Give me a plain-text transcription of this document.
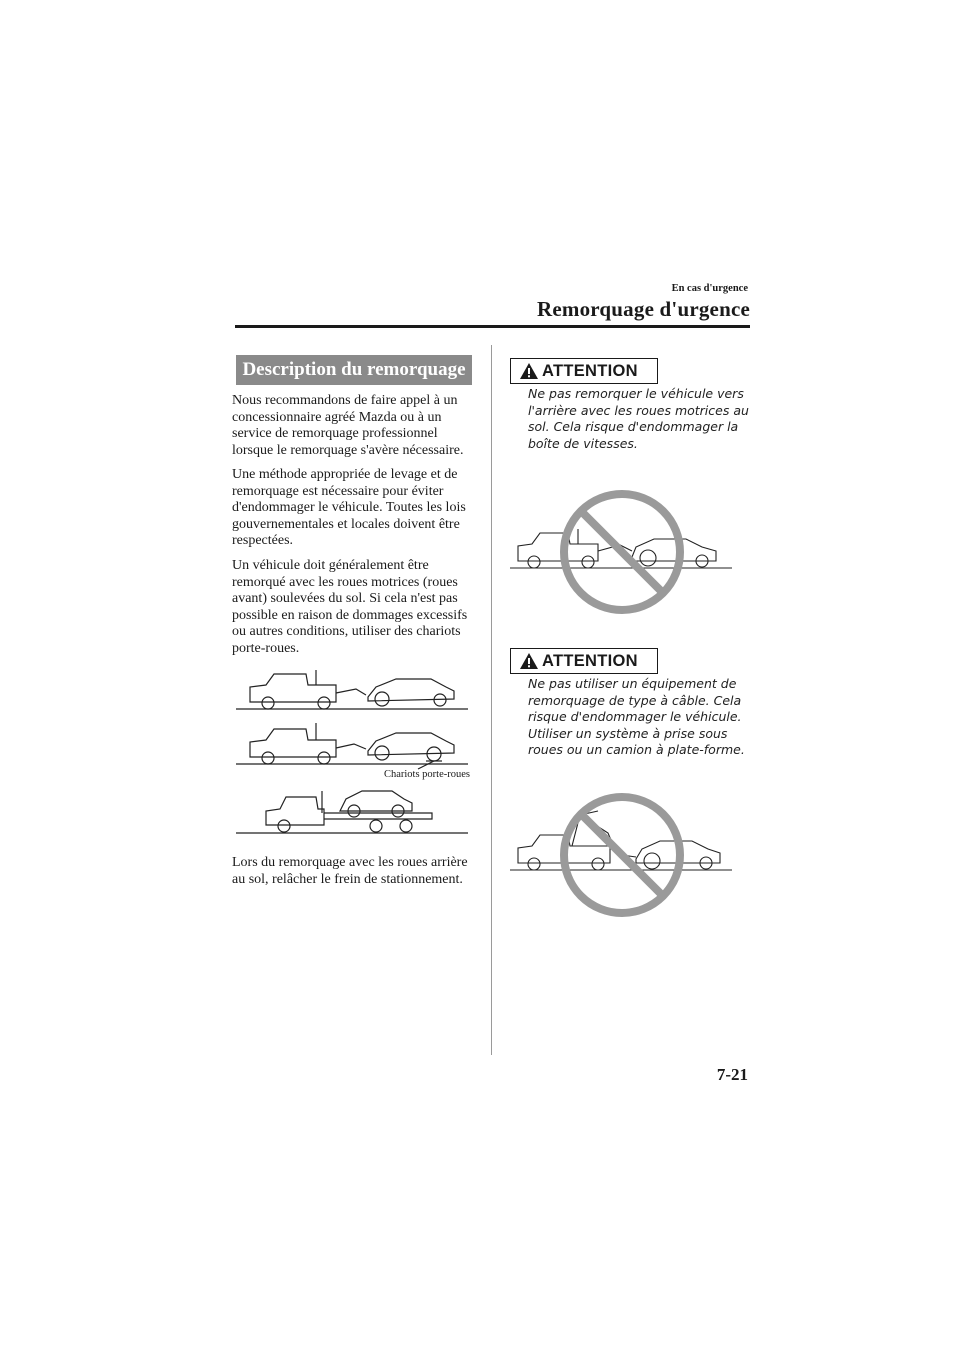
En cas d'urgence
Remorquage d'urgence
Description du remorquage
Nous recommandons de faire appel à un concessionnaire agréé Mazda ou à un service de remorquage professionnel lorsque le remorquage s'avère nécessaire.
Une méthode appropriée de levage et de remorquage est nécessaire pour éviter d'endommager le véhicule. Toutes les lois gouvernementales et locales doivent être respectées.
Un véhicule doit généralement être remorqué avec les roues motrices (roues avant) soulevées du sol. Si cela n'est pas possible en raison de dommages excessifs ou autres conditions, utiliser des chariots porte-roues.
Chariots porte-roues
Lors du remorquage avec les roues arrière au sol, relâcher le frein de stationnement.
ATTENTION
Ne pas remorquer le véhicule vers l'arrière avec les roues motrices au sol. Cela risque d'endommager la boîte de vitesses.
ATTENTION
Ne pas utiliser un équipement de remorquage de type à câble. Cela risque d'endommager le véhicule. Utiliser un système à prise sous roues ou un camion à plate-forme.
7-21
